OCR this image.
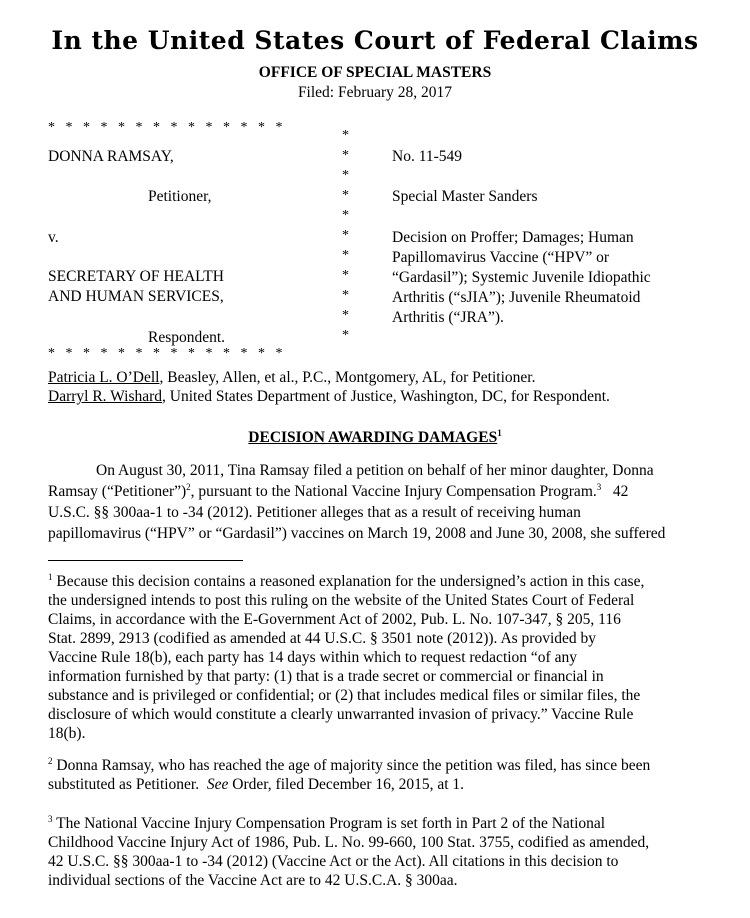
In the United States Court of Federal Claims
OFFICE OF SPECIAL MASTERS
Filed: February 28, 2017
*   *   *   *   *   *   *   *   *   *   *   *   *   *
DONNA RAMSAY,
Petitioner,
v.
SECRETARY OF HEALTH
AND HUMAN SERVICES,
Respondent.
*
*
*
*
*
*
*
*
*
*
*
No. 11-549
Special Master Sanders
Decision on Proffer; Damages; Human
Papillomavirus Vaccine (“HPV” or
“Gardasil”); Systemic Juvenile Idiopathic
Arthritis (“sJIA”); Juvenile Rheumatoid
Arthritis (“JRA”).
*   *   *   *   *   *   *   *   *   *   *   *   *   *
Patricia L. O’Dell, Beasley, Allen, et al., P.C., Montgomery, AL, for Petitioner.
Darryl R. Wishard, United States Department of Justice, Washington, DC, for Respondent.
DECISION AWARDING DAMAGES$^1$
On August 30, 2011, Tina Ramsay filed a petition on behalf of her minor daughter, Donna
Ramsay (“Petitioner”)$^2$, pursuant to the National Vaccine Injury Compensation Program.$^3$   42
U.S.C. §§ 300aa-1 to -34 (2012). Petitioner alleges that as a result of receiving human
papillomavirus (“HPV” or “Gardasil”) vaccines on March 19, 2008 and June 30, 2008, she suffered
$^1$ Because this decision contains a reasoned explanation for the undersigned’s action in this case,
the undersigned intends to post this ruling on the website of the United States Court of Federal
Claims, in accordance with the E-Government Act of 2002, Pub. L. No. 107-347, § 205, 116
Stat. 2899, 2913 (codified as amended at 44 U.S.C. § 3501 note (2012)). As provided by
Vaccine Rule 18(b), each party has 14 days within which to request redaction “of any
information furnished by that party: (1) that is a trade secret or commercial or financial in
substance and is privileged or confidential; or (2) that includes medical files or similar files, the
disclosure of which would constitute a clearly unwarranted invasion of privacy.” Vaccine Rule
18(b).
$^2$ Donna Ramsay, who has reached the age of majority since the petition was filed, has since been
substituted as Petitioner.  See Order, filed December 16, 2015, at 1.
$^3$ The National Vaccine Injury Compensation Program is set forth in Part 2 of the National
Childhood Vaccine Injury Act of 1986, Pub. L. No. 99-660, 100 Stat. 3755, codified as amended,
42 U.S.C. §§ 300aa-1 to -34 (2012) (Vaccine Act or the Act). All citations in this decision to
individual sections of the Vaccine Act are to 42 U.S.C.A. § 300aa.
